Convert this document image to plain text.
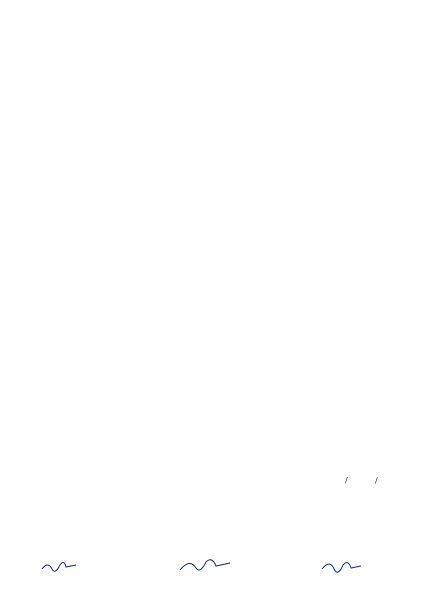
/	/
